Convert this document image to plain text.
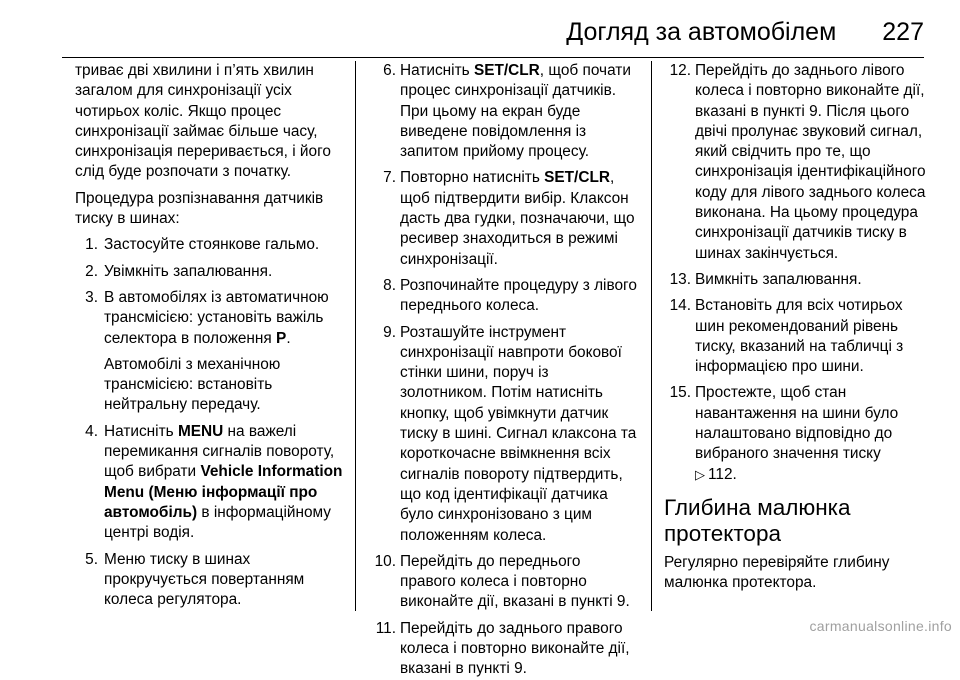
Догляд за автомобілем 227

триває дві хвилини і п’ять хвилин загалом для синхронізації усіх чотирьох коліс. Якщо процес синхронізації займає більше часу, синхронізація переривається, і його слід буде розпочати з початку.

Процедура розпізнавання датчиків тиску в шинах:

1. Застосуйте стоянкове гальмо.
2. Увімкніть запалювання.
3. В автомобілях із автоматичною трансмісією: установіть важіль селектора в положення P.

Автомобілі з механічною трансмісією: встановіть нейтральну передачу.

4. Натисніть MENU на важелі перемикання сигналів повороту, щоб вибрати Vehicle Information Menu (Меню інформації про автомобіль) в інформаційному центрі водія.

5. Меню тиску в шинах прокручується повертанням колеса регулятора.
6. Натисніть SET/CLR, щоб почати процес синхронізації датчиків. При цьому на екран буде виведене повідомлення із запитом прийому процесу.

7. Повторно натисніть SET/CLR, щоб підтвердити вибір. Клаксон дасть два гудки, позначаючи, що ресивер знаходиться в режимі синхронізації.

8. Розпочинайте процедуру з лівого переднього колеса.
9. Розташуйте інструмент синхронізації навпроти бокової стінки шини, поруч із золотником. Потім натисніть кнопку, щоб увімкнути датчик тиску в шині. Сигнал клаксона та короткочасне ввімкнення всіх сигналів повороту підтвердить, що код ідентифікації датчика було синхронізовано з цим положенням колеса.
10. Перейдіть до переднього правого колеса і повторно виконайте дії, вказані в пункті 9.
11. Перейдіть до заднього правого колеса і повторно виконайте дії, вказані в пункті 9.
12. Перейдіть до заднього лівого колеса і повторно виконайте дії, вказані в пункті 9. Після цього двічі пролунає звуковий сигнал, який свідчить про те, що синхронізація ідентифікаційного коду для лівого заднього колеса виконана. На цьому процедура синхронізації датчиків тиску в шинах закінчується.
13. Вимкніть запалювання.
14. Встановіть для всіх чотирьох шин рекомендований рівень тиску, вказаний на табличці з інформацією про шини.
15. Простежте, щоб стан навантаження на шини було налаштовано відповідно до вибраного значення тиску
▷ 112.

Глибина малюнка протектора

Регулярно перевіряйте глибину малюнка протектора.

carmanualsonline.info
